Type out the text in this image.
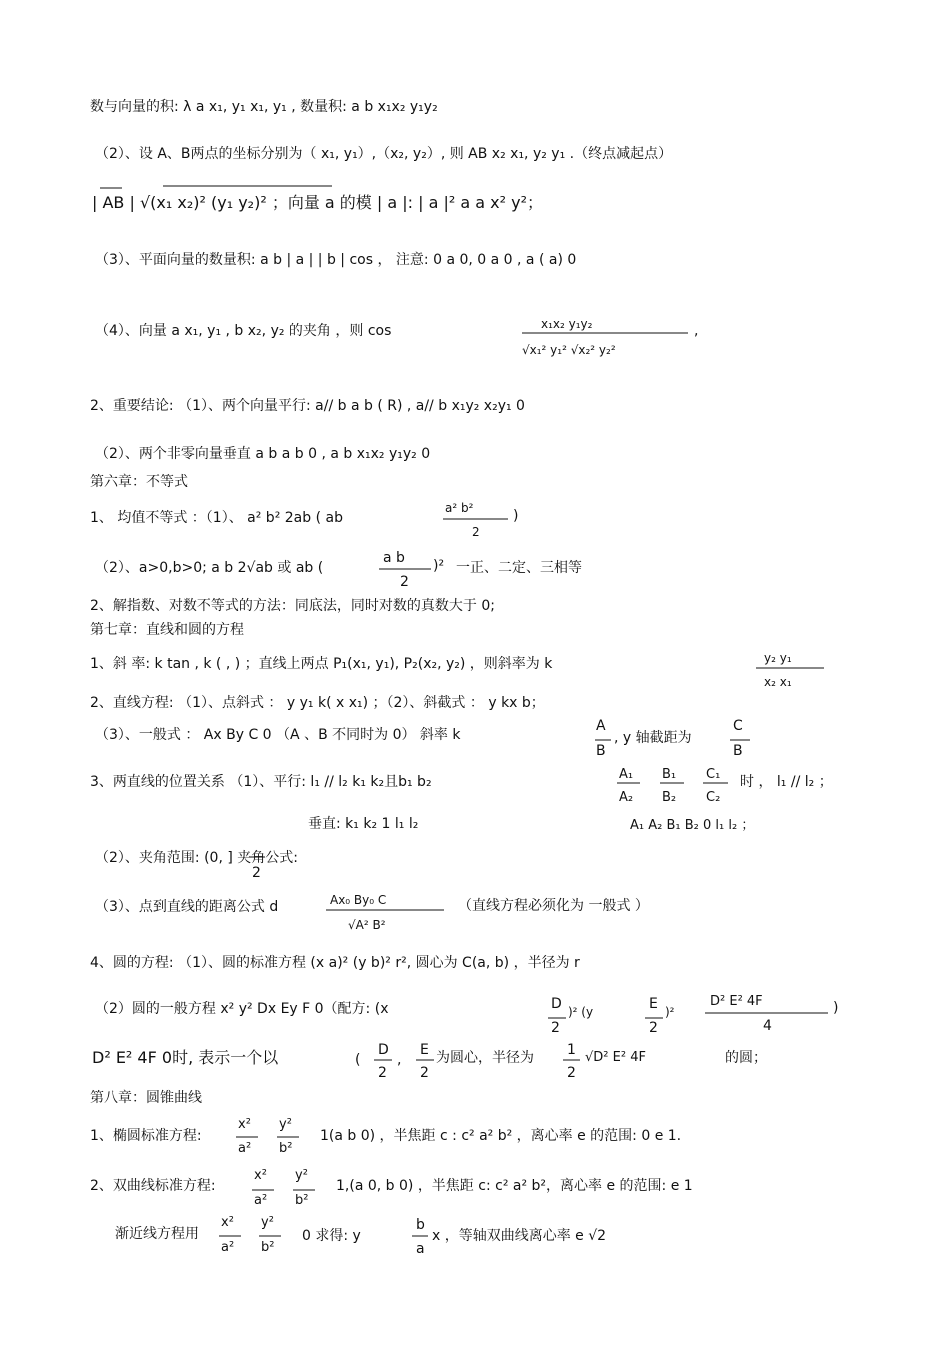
数与向量的积: λ a x₁, y₁ x₁, y₁ , 数量积: a b x₁x₂ y₁y₂
（2）、设 A、B两点的坐标分别为（ x₁, y₁）,（x₂, y₂）, 则 AB x₂ x₁, y₂ y₁ .（终点减起点）
| AB | √(x₁ x₂)² (y₁ y₂)² ；向量 a 的模 | a |: | a |² a a x² y²；
（3）、平面向量的数量积: a b | a | | b | cos ， 注意: 0 a 0, 0 a 0 , a ( a) 0
（4）、向量 a x₁, y₁ , b x₂, y₂ 的夹角 ，则 cos	x₁x₂ y₁y₂
√x₁² y₁² √x₂² y₂²
,
2、重要结论: （1）、两个向量平行: a// b a b ( R) , a// b x₁y₂ x₂y₁ 0
（2）、两个非零向量垂直 a b a b 0 , a b x₁x₂ y₁y₂ 0
第六章：不等式
1、 均值不等式 ：（1）、 a² b² 2ab ( ab
a² b²
2
)
（2）、a>0,b>0; a b 2√ab 或 ab (
a b
2
)² 一正、二定、三相等
2、解指数、对数不等式的方法：同底法，同时对数的真数大于 0;
第七章：直线和圆的方程
1、斜 率: k tan , k ( , ) ；直线上两点 P₁(x₁, y₁), P₂(x₂, y₂) ，则斜率为 k	y₂ y₁
x₂ x₁
2、直线方程: （1）、点斜式 ： y y₁ k( x x₁) ；（2）、斜截式 ： y kx b；
（3）、一般式 ： Ax By C 0 （A 、B 不同时为 0） 斜率 k
A
B
, y 轴截距为
C
B
3、两直线的位置关系 （1）、平行: l₁ // l₂ k₁ k₂且b₁ b₂	A₁
A₂
B₁
B₂
C₁
C₂
时 ， l₁ // l₂ ；
垂直: k₁ k₂ 1 l₁ l₂	A₁ A₂ B₁ B₂ 0 l₁ l₂ ；
（2）、夹角范围: (0, ] 夹角公式:
2
（3）、点到直线的距离公式 d	Ax₀ By₀ C
√A² B²
（直线方程必须化为 一般式 ）
4、圆的方程: （1）、圆的标准方程 (x a)² (y b)² r², 圆心为 C(a, b) ，半径为 r
（2）圆的一般方程 x² y² Dx Ey F 0（配方: (x	D
2
)² (y	E
2
)²
D² E² 4F
4
)
D² E² 4F 0时, 表示一个以	(
D
2
,
E
2
为圆心，半径为 1
2
√D² E² 4F	的圆；
第八章：圆锥曲线
1、椭圆标准方程:
x²
a²
y²
b²
1(a b 0) ，半焦距 c : c² a² b² ，离心率 e 的范围: 0 e 1.
2、双曲线标准方程:
x²
a²
y²
b²
1,(a 0, b 0) ，半焦距 c: c² a² b²，离心率 e 的范围: e 1
渐近线方程用
x²
a²
y²
b²
0 求得: y
b
a
x ，等轴双曲线离心率 e √2
